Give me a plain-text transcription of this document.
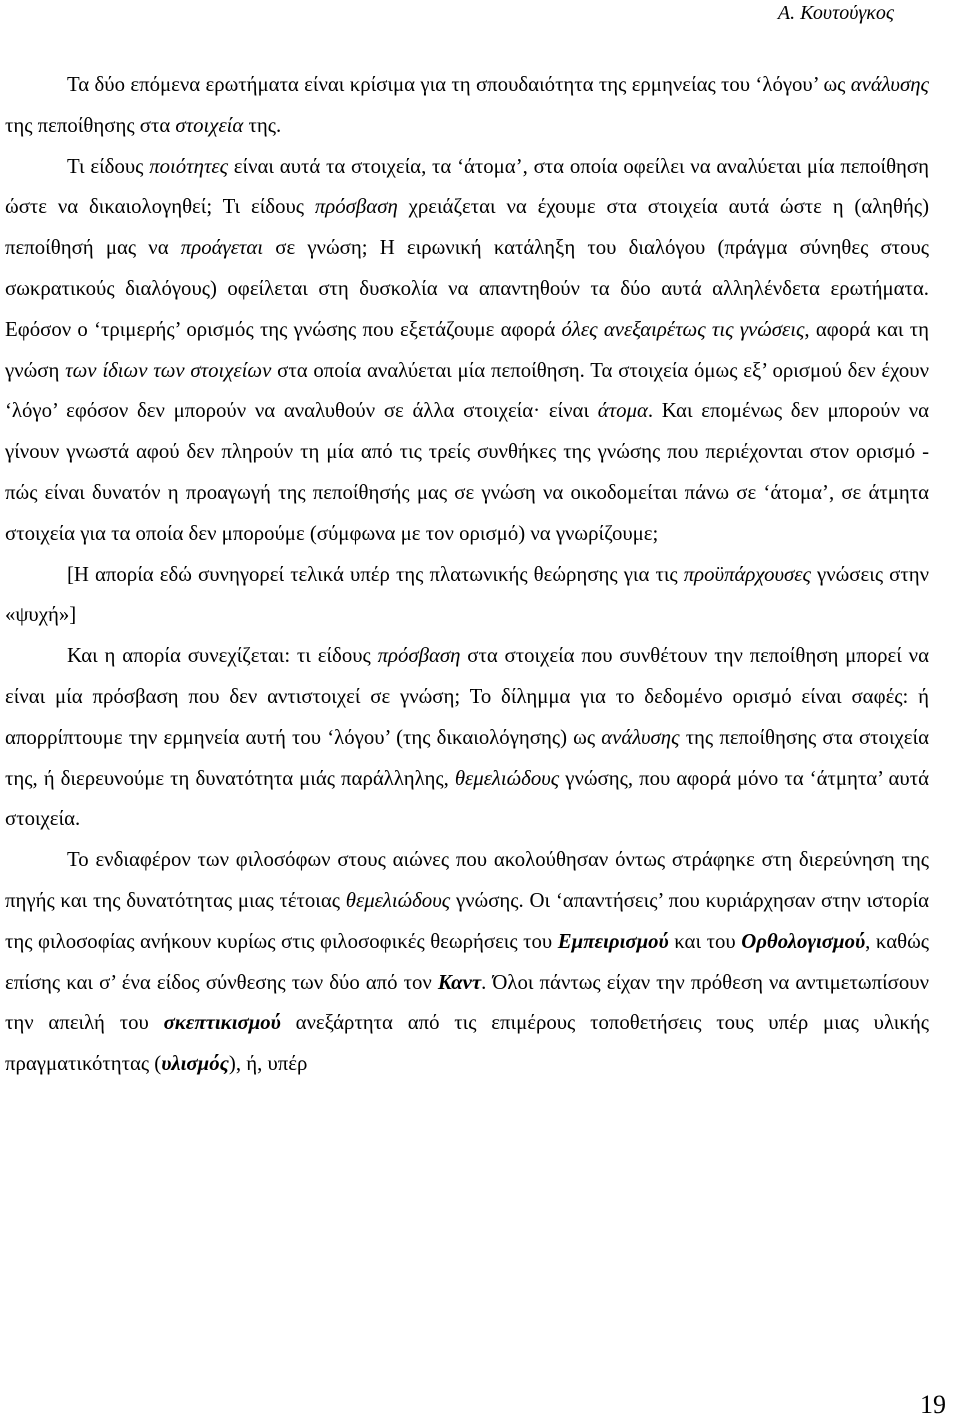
Α. Κουτούγκος

Τα δύο επόμενα ερωτήματα είναι κρίσιμα για τη σπουδαιότητα της ερμηνείας του ‘λόγου’ ως ανάλυσης της πεποίθησης στα στοιχεία της.

Τι είδους ποιότητες είναι αυτά τα στοιχεία, τα ‘άτομα’, στα οποία οφείλει να αναλύεται μία πεποίθηση ώστε να δικαιολογηθεί; Τι είδους πρόσβαση χρειάζεται να έχουμε στα στοιχεία αυτά ώστε η (αληθής) πεποίθησή μας να προάγεται σε γνώση; Η ειρωνική κατάληξη του διαλόγου (πράγμα σύνηθες στους σωκρατικούς διαλόγους) οφείλεται στη δυσκολία να απαντηθούν τα δύο αυτά αλληλένδετα ερωτήματα. Εφόσον ο ‘τριμερής’ ορισμός της γνώσης που εξετάζουμε αφορά όλες ανεξαιρέτως τις γνώσεις, αφορά και τη γνώση των ίδιων των στοιχείων στα οποία αναλύεται μία πεποίθηση. Τα στοιχεία όμως εξ’ ορισμού δεν έχουν ‘λόγο’ εφόσον δεν μπορούν να αναλυθούν σε άλλα στοιχεία· είναι άτομα. Και επομένως δεν μπορούν να γίνουν γνωστά αφού δεν πληρούν τη μία από τις τρείς συνθήκες της γνώσης που περιέχονται στον ορισμό - πώς είναι δυνατόν η προαγωγή της πεποίθησής μας σε γνώση να οικοδομείται πάνω σε ‘άτομα’, σε άτμητα στοιχεία για τα οποία δεν μπορούμε (σύμφωνα με τον ορισμό) να γνωρίζουμε;

[Η απορία εδώ συνηγορεί τελικά υπέρ της πλατωνικής θεώρησης για τις προϋπάρχουσες γνώσεις στην «ψυχή»]

Και η απορία συνεχίζεται: τι είδους πρόσβαση στα στοιχεία που συνθέτουν την πεποίθηση μπορεί να είναι μία πρόσβαση που δεν αντιστοιχεί σε γνώση; Το δίλημμα για το δεδομένο ορισμό είναι σαφές: ή απορρίπτουμε την ερμηνεία αυτή του ‘λόγου’ (της δικαιολόγησης) ως ανάλυσης της πεποίθησης στα στοιχεία της, ή διερευνούμε τη δυνατότητα μιάς παράλληλης, θεμελιώδους γνώσης, που αφορά μόνο τα ‘άτμητα’ αυτά στοιχεία.

Το ενδιαφέρον των φιλοσόφων στους αιώνες που ακολούθησαν όντως στράφηκε στη διερεύνηση της πηγής και της δυνατότητας μιας τέτοιας θεμελιώδους γνώσης. Οι ‘απαντήσεις’ που κυριάρχησαν στην ιστορία της φιλοσοφίας ανήκουν κυρίως στις φιλοσοφικές θεωρήσεις του Εμπειρισμού και του Ορθολογισμού, καθώς επίσης και σ’ ένα είδος σύνθεσης των δύο από τον Καντ. Όλοι πάντως είχαν την πρόθεση να αντιμετωπίσουν την απειλή του σκεπτικισμού ανεξάρτητα από τις επιμέρους τοποθετήσεις τους υπέρ μιας υλικής πραγματικότητας (υλισμός), ή, υπέρ

19
